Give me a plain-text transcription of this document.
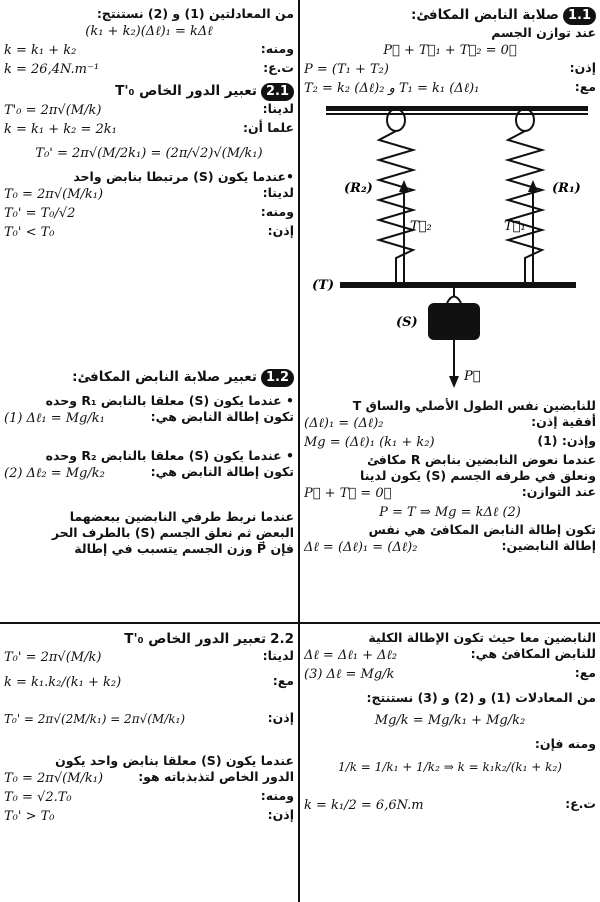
1.1صلابة النابض المكافئ:
عند توازن الجسم
P⃗ + T⃗₁ + T⃗₂ = 0⃗
إذن:
P = (T₁ + T₂)
مع:
T₂ = k₂ (Δℓ)₂ و T₁ = k₁ (Δℓ)₁
(R₂)	(R₁)
T⃗₂	T⃗₁
(T)
(S)
P⃗
للنابضين نفس الطول الأصلي والساق T
أفقية إذن:
(Δℓ)₁ = (Δℓ)₂
وإذن: (1)
Mg = (Δℓ)₁ (k₁ + k₂)
عندما نعوض النابضين بنابض R مكافئ
ونعلق في طرفه الجسم (S) يكون لدينا
عند التوازن:
P⃗ + T⃗ = 0⃗
P = T ⇒ Mg = kΔℓ (2)
تكون إطالة النابض المكافئ هي نفس
إطالة النابضين:
Δℓ = (Δℓ)₁ = (Δℓ)₂
من المعادلتين (1) و (2) نستنتج:
(k₁ + k₂)(Δℓ)₁ = kΔℓ
ومنه:
k = k₁ + k₂
ت.ع:
k = 26,4N.m⁻¹
2.1تعبير الدور الخاص T'₀
لدينا:
T'₀ = 2π√(M/k)
علما أن:
k = k₁ + k₂ = 2k₁
T₀' = 2π√(M/2k₁) = (2π/√2)√(M/k₁)
•عندما يكون (S) مرتبطا بنابض واحد
لدينا:
T₀ = 2π√(M/k₁)
ومنه:
T₀' = T₀/√2
إذن:
T₀' < T₀
1.2تعبير صلابة النابض المكافئ:
• عندما يكون (S) معلقا بالنابض R₁ وحده
تكون إطالة النابض هي:
(1) Δℓ₁ = Mg/k₁
• عندما يكون (S) معلقا بالنابض R₂ وحده
تكون إطالة النابض هي:
(2) Δℓ₂ = Mg/k₂
عندما نربط طرفي النابضين ببعضهما
البعض ثم نعلق الجسم (S) بالطرف الحر
فإن P⃗ وزن الجسم يتسبب في إطالة
النابضين معا حيث تكون الإطالة الكلية
للنابض المكافئ هي:
Δℓ = Δℓ₁ + Δℓ₂
مع:
(3) Δℓ = Mg/k
من المعادلات (1) و (2) و (3) نستنتج:
Mg/k = Mg/k₁ + Mg/k₂
ومنه فإن:
1/k = 1/k₁ + 1/k₂ ⇒ k = k₁k₂/(k₁ + k₂)
ت.ع:
k = k₁/2 = 6,6N.m
2.2تعبير الدور الخاص T'₀
لدينا:
T₀' = 2π√(M/k)
مع:
k = k₁.k₂/(k₁ + k₂)
إذن:
T₀' = 2π√(2M/k₁) = 2π√(M/k₁)
عندما يكون (S) معلقا بنابض واحد يكون
الدور الخاص لتذبذباته هو:
T₀ = 2π√(M/k₁)
ومنه:
T₀ = √2.T₀
إذن:
T₀' > T₀
